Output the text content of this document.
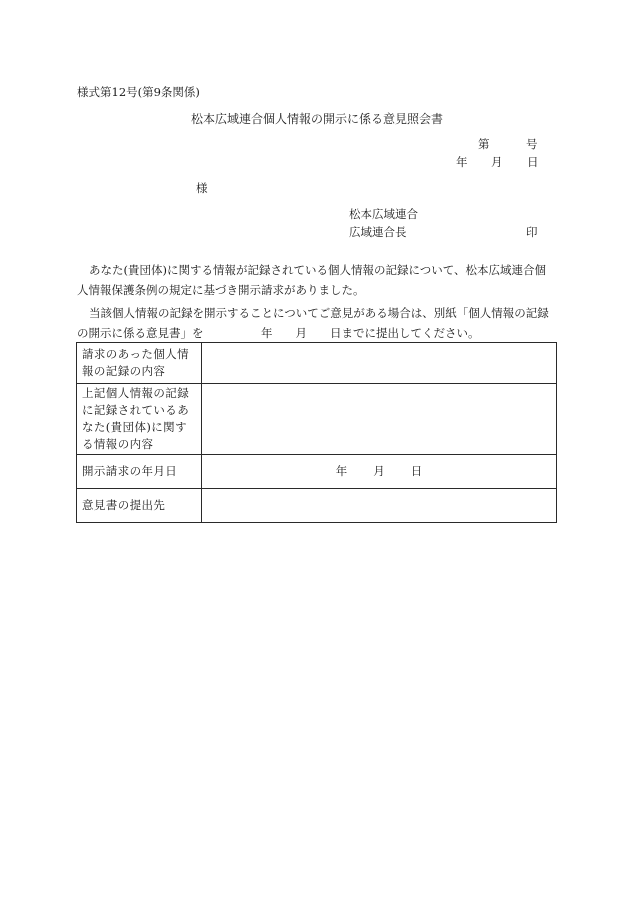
様式第12号(第9条関係)
松本広域連合個人情報の開示に係る意見照会書
第	号
年 月 日
様
松本広域連合
広域連合長	印
あなた(貴団体)に関する情報が記録されている個人情報の記録について、松本広域連合個人情報保護条例の規定に基づき開示請求がありました。
当該個人情報の記録を開示することについてご意見がある場合は、別紙「個人情報の記録の開示に係る意見書」を　　　　　年　　月　　日までに提出してください。
請求のあった個人情報の記録の内容	
上記個人情報の記録に記録されているあなた(貴団体)に関する情報の内容	
開示請求の年月日	年 月 日
意見書の提出先	
